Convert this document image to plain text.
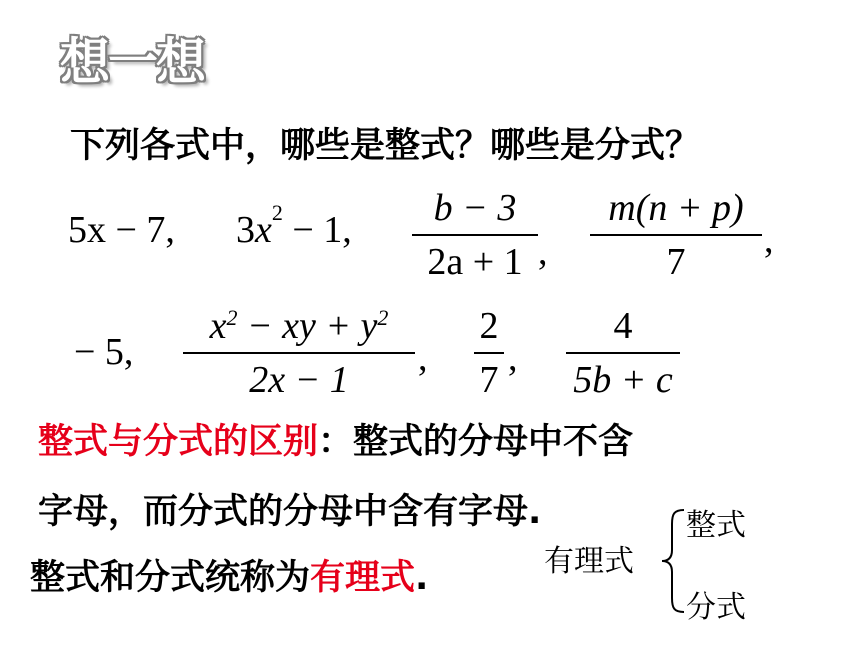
想一想
下列各式中，哪些是整式？哪些是分式？
5x − 7, $3x^2 - 1$,
b − 3
2a + 1 ,
m(n + p)
7
,
− 5,
$x^2$ − xy + $y^2$
2x − 1
,
2
7
,
4
5b + c
整式与分式的区别：整式的分母中不含
字母，而分式的分母中含有字母.
整式和分式统称为有理式.	有理式
整式
分式
